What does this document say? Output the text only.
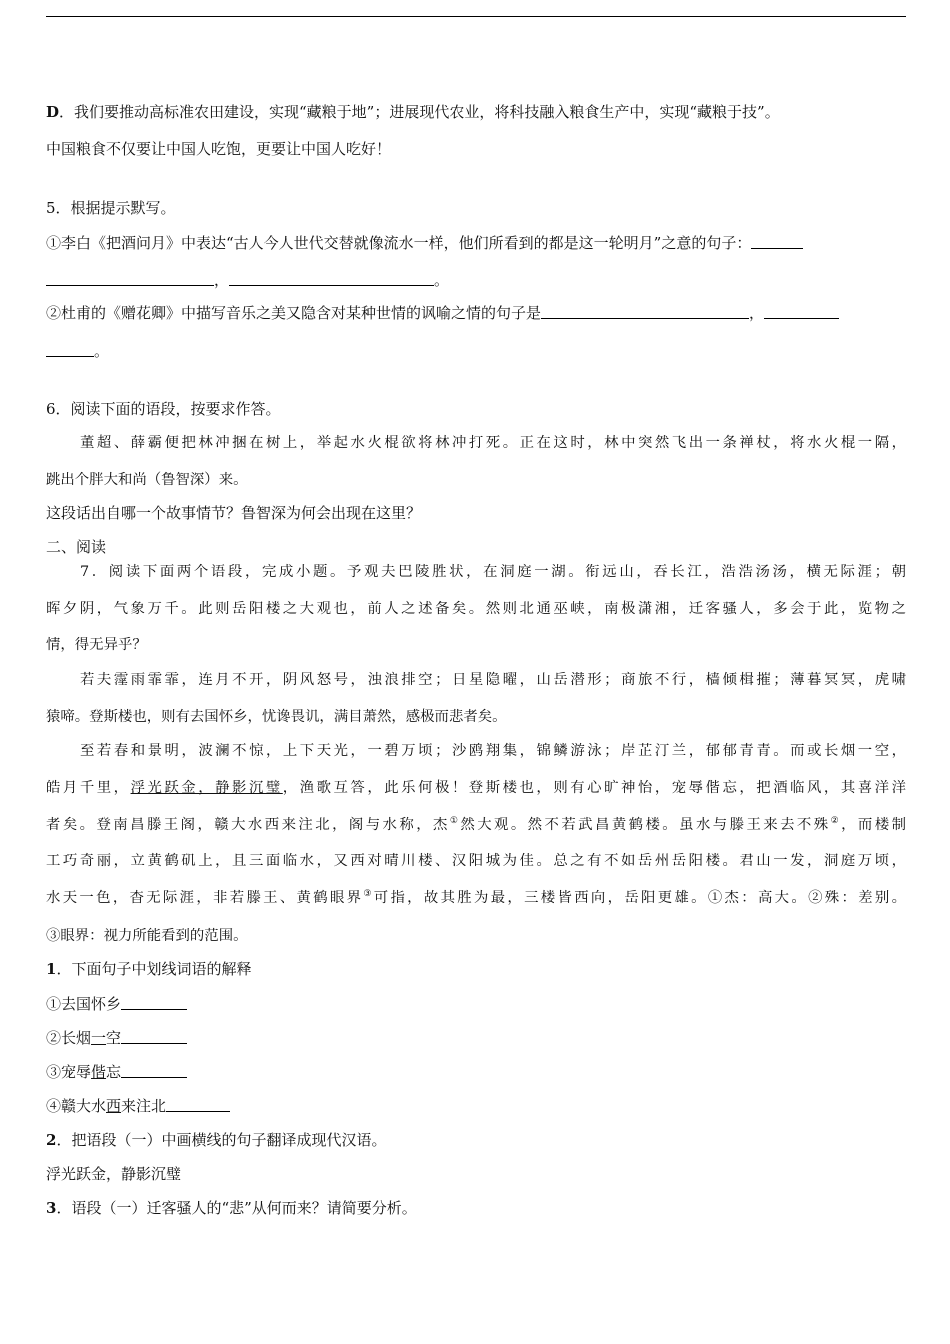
D．我们要推动高标准农田建设，实现“藏粮于地”；进展现代农业，将科技融入粮食生产中，实现“藏粮于技”。
中国粮食不仅要让中国人吃饱，更要让中国人吃好！
5．根据提示默写。
①李白《把酒问月》中表达“古人今人世代交替就像流水一样，他们所看到的都是这一轮明月”之意的句子：
，	。
②杜甫的《赠花卿》中描写音乐之美又隐含对某种世情的讽喻之情的句子是	，
。
6．阅读下面的语段，按要求作答。
董超、薛霸便把林冲捆在树上，举起水火棍欲将林冲打死。正在这时，林中突然飞出一条禅杖，将水火棍一隔，
跳出个胖大和尚（鲁智深）来。
这段话出自哪一个故事情节？鲁智深为何会出现在这里？
二、阅读
7．阅读下面两个语段，完成小题。予观夫巴陵胜状，在洞庭一湖。衔远山，吞长江，浩浩汤汤，横无际涯；朝
晖夕阴，气象万千。此则岳阳楼之大观也，前人之述备矣。然则北通巫峡，南极潇湘，迁客骚人，多会于此，览物之
情，得无异乎？
若夫霪雨霏霏，连月不开，阴风怒号，浊浪排空；日星隐曜，山岳潜形；商旅不行，樯倾楫摧；薄暮冥冥，虎啸
猿啼。登斯楼也，则有去国怀乡，忧谗畏讥，满目萧然，感极而悲者矣。
至若春和景明，波澜不惊，上下天光，一碧万顷；沙鸥翔集，锦鳞游泳；岸芷汀兰，郁郁青青。而或长烟一空，
皓月千里，浮光跃金，静影沉璧，渔歌互答，此乐何极！登斯楼也，则有心旷神怡，宠辱偕忘，把酒临风，其喜洋洋
者矣。登南昌滕王阁，赣大水西来注北，阁与水称，杰①然大观。然不若武昌黄鹤楼。虽水与滕王来去不殊②，而楼制
工巧奇丽，立黄鹤矶上，且三面临水，又西对晴川楼、汉阳城为佳。总之有不如岳州岳阳楼。君山一发，洞庭万顷，
水天一色，杳无际涯，非若滕王、黄鹤眼界③可指，故其胜为最，三楼皆西向，岳阳更雄。①杰：高大。②殊：差别。
③眼界：视力所能看到的范围。
1．下面句子中划线词语的解释
①去国怀乡
②长烟一空
③宠辱偕忘
④赣大水西来注北
2．把语段（一）中画横线的句子翻译成现代汉语。
浮光跃金，静影沉璧
3．语段（一）迁客骚人的“悲”从何而来？请简要分析。
